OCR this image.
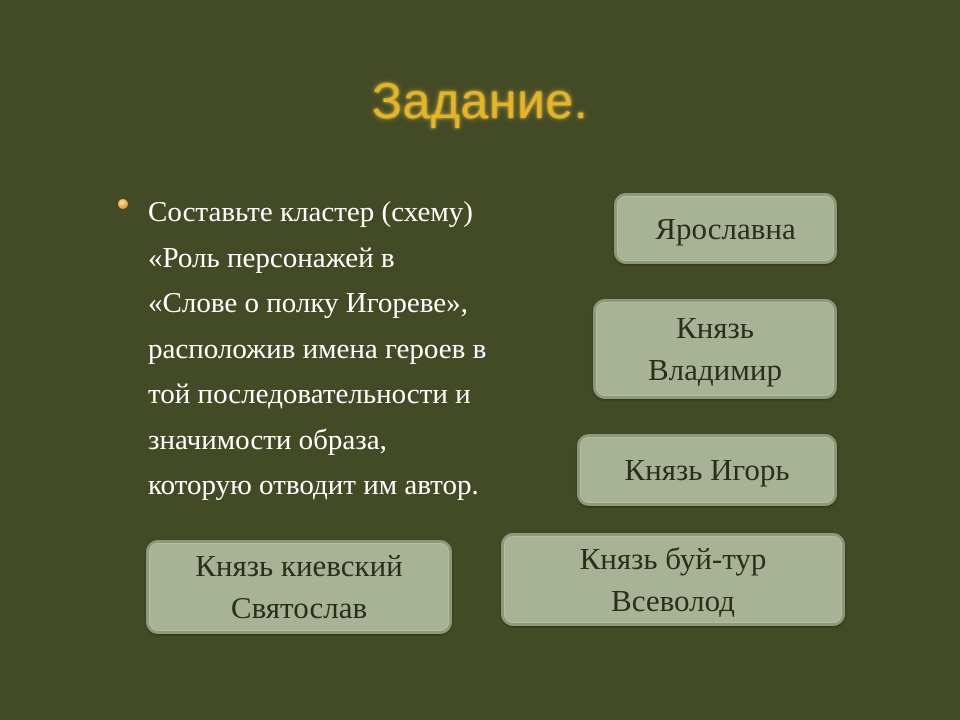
Задание.
Составьте кластер (схему)
«Роль персонажей в
«Слове о полку Игореве»,
расположив имена героев в
той последовательности и
значимости образа,
которую отводит им автор.
Ярославна
Князь
Владимир
Князь Игорь
Князь киевский
Святослав
Князь буй-тур
Всеволод
